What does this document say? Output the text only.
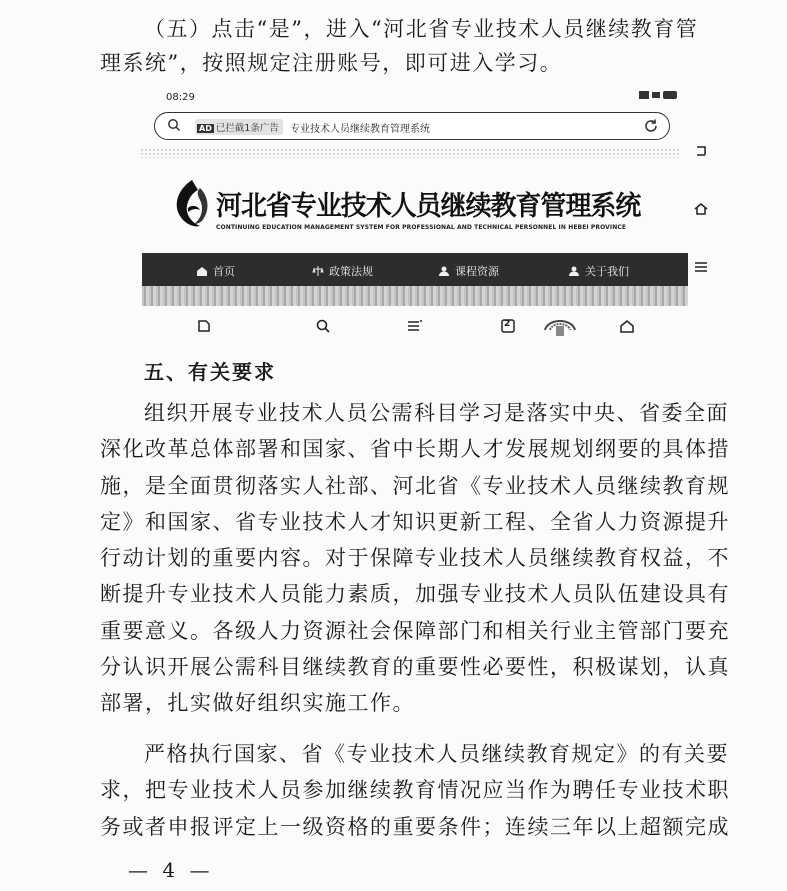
（五）点击“是”，进入“河北省专业技术人员继续教育管
理系统”，按照规定注册账号，即可进入学习。

08:29
AD 已拦截1条广告	专业技术人员继续教育管理系统
河北省专业技术人员继续教育管理系统
CONTINUING EDUCATION MANAGEMENT SYSTEM FOR PROFESSIONAL AND TECHNICAL PERSONNEL IN HEBEI PROVINCE
首页	政策法规	课程资源	关于我们
2
五、有关要求

组织开展专业技术人员公需科目学习是落实中央、省委全面
深化改革总体部署和国家、省中长期人才发展规划纲要的具体措
施，是全面贯彻落实人社部、河北省《专业技术人员继续教育规
定》和国家、省专业技术人才知识更新工程、全省人力资源提升
行动计划的重要内容。对于保障专业技术人员继续教育权益，不
断提升专业技术人员能力素质，加强专业技术人员队伍建设具有
重要意义。各级人力资源社会保障部门和相关行业主管部门要充
分认识开展公需科目继续教育的重要性必要性，积极谋划，认真
部署，扎实做好组织实施工作。

严格执行国家、省《专业技术人员继续教育规定》的有关要
求，把专业技术人员参加继续教育情况应当作为聘任专业技术职
务或者申报评定上一级资格的重要条件；连续三年以上超额完成

— 4 —
